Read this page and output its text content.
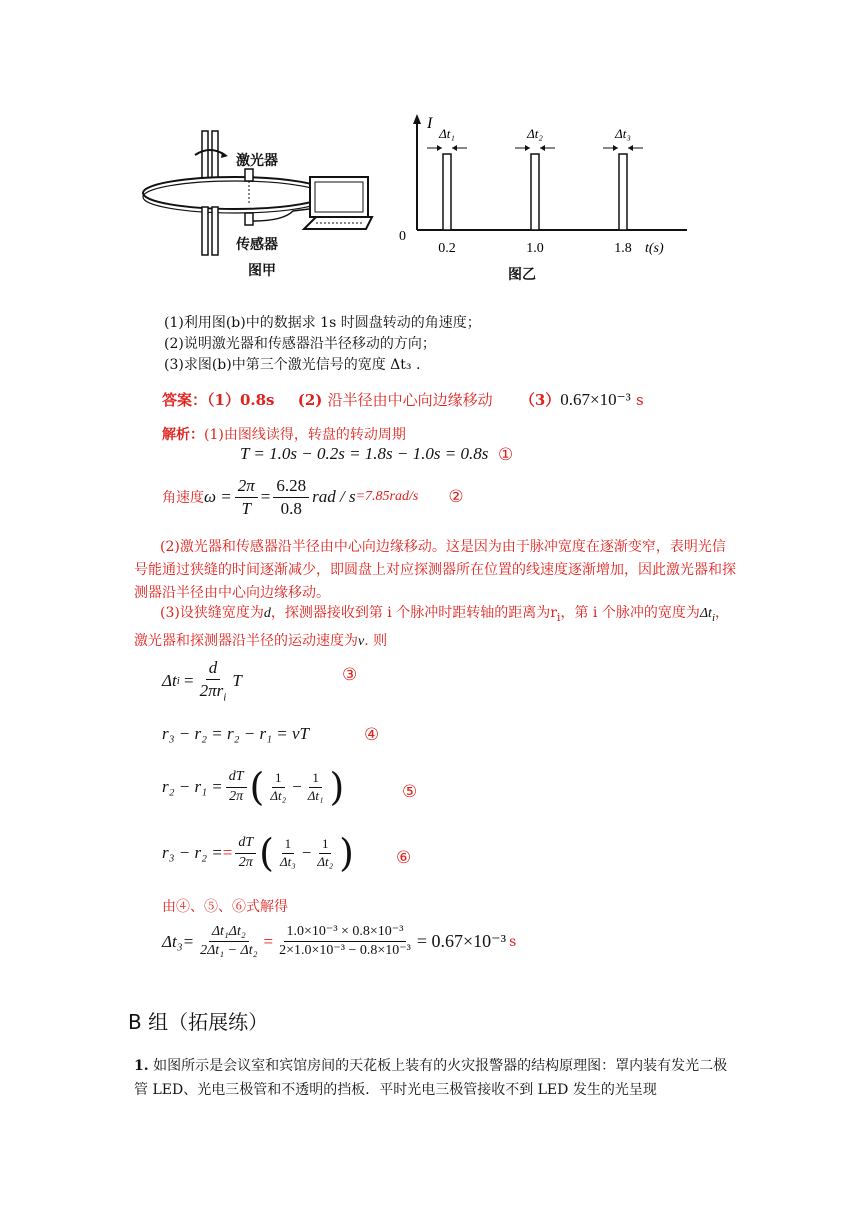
激光器
传感器
图甲
I
0
0.2
Δt₁
1.0
Δt₂
1.8
Δt₃
t(s)
图乙
(1)利用图(b)中的数据求 1s 时圆盘转动的角速度；
(2)说明激光器和传感器沿半径移动的方向；
(3)求图(b)中第三个激光信号的宽度 Δt₃ .
答案：（1）0.8s (2) 沿半径由中心向边缘移动 （3）0.67×10⁻³ s
解析：(1)由图线读得，转盘的转动周期
T = 1.0s − 0.2s = 1.8s − 1.0s = 0.8s ①
角速度 $\omega = \frac{2\pi}{T} = \frac{6.28}{0.8}$ rad / s =7.85rad/s ②
(2)激光器和传感器沿半径由中心向边缘移动。这是因为由于脉冲宽度在逐渐变窄，表明光信号能通过狭缝的时间逐渐减少，即圆盘上对应探测器所在位置的线速度逐渐增加，因此激光器和探测器沿半径由中心向边缘移动。
(3)设狭缝宽度为d，探测器接收到第 i 个脉冲时距转轴的距离为$r_i$，第 i 个脉冲的宽度为$\Delta t_i$，激光器和探测器沿半径的运动速度为v. 则
Δt $i = \frac{d}{2\pi r_i}$ T	③
r₃ − r₂ = r₂ − r₁ = vT	④
$r_2 - r_1 = \frac{dT}{2\pi}$ ( $\frac{1}{\text{Δt₂}} - \frac{1}{\text{Δt₁}}$ )	⑤
r₃ − r₂ = = $\frac{dT}{2\pi}$ ( $\frac{1}{\text{Δt₃}} - \frac{1}{\text{Δt₂}}$ ) ⑥
由④、⑤、⑥式解得
$\Delta t_3= \frac{\text{Δt₁Δt₂}}{\text{2Δt₁ − Δt₂}} = \frac{\text{1.0×10⁻³ × 0.8×10⁻³}}{\text{2×1.0×10⁻³ − 0.8×10⁻³}} = 0.67\times 10^{-3}$ s
B 组（拓展练）
1. 如图所示是会议室和宾馆房间的天花板上装有的火灾报警器的结构原理图：罩内装有发光二极管 LED、光电三极管和不透明的挡板．平时光电三极管接收不到 LED 发生的光呈现
